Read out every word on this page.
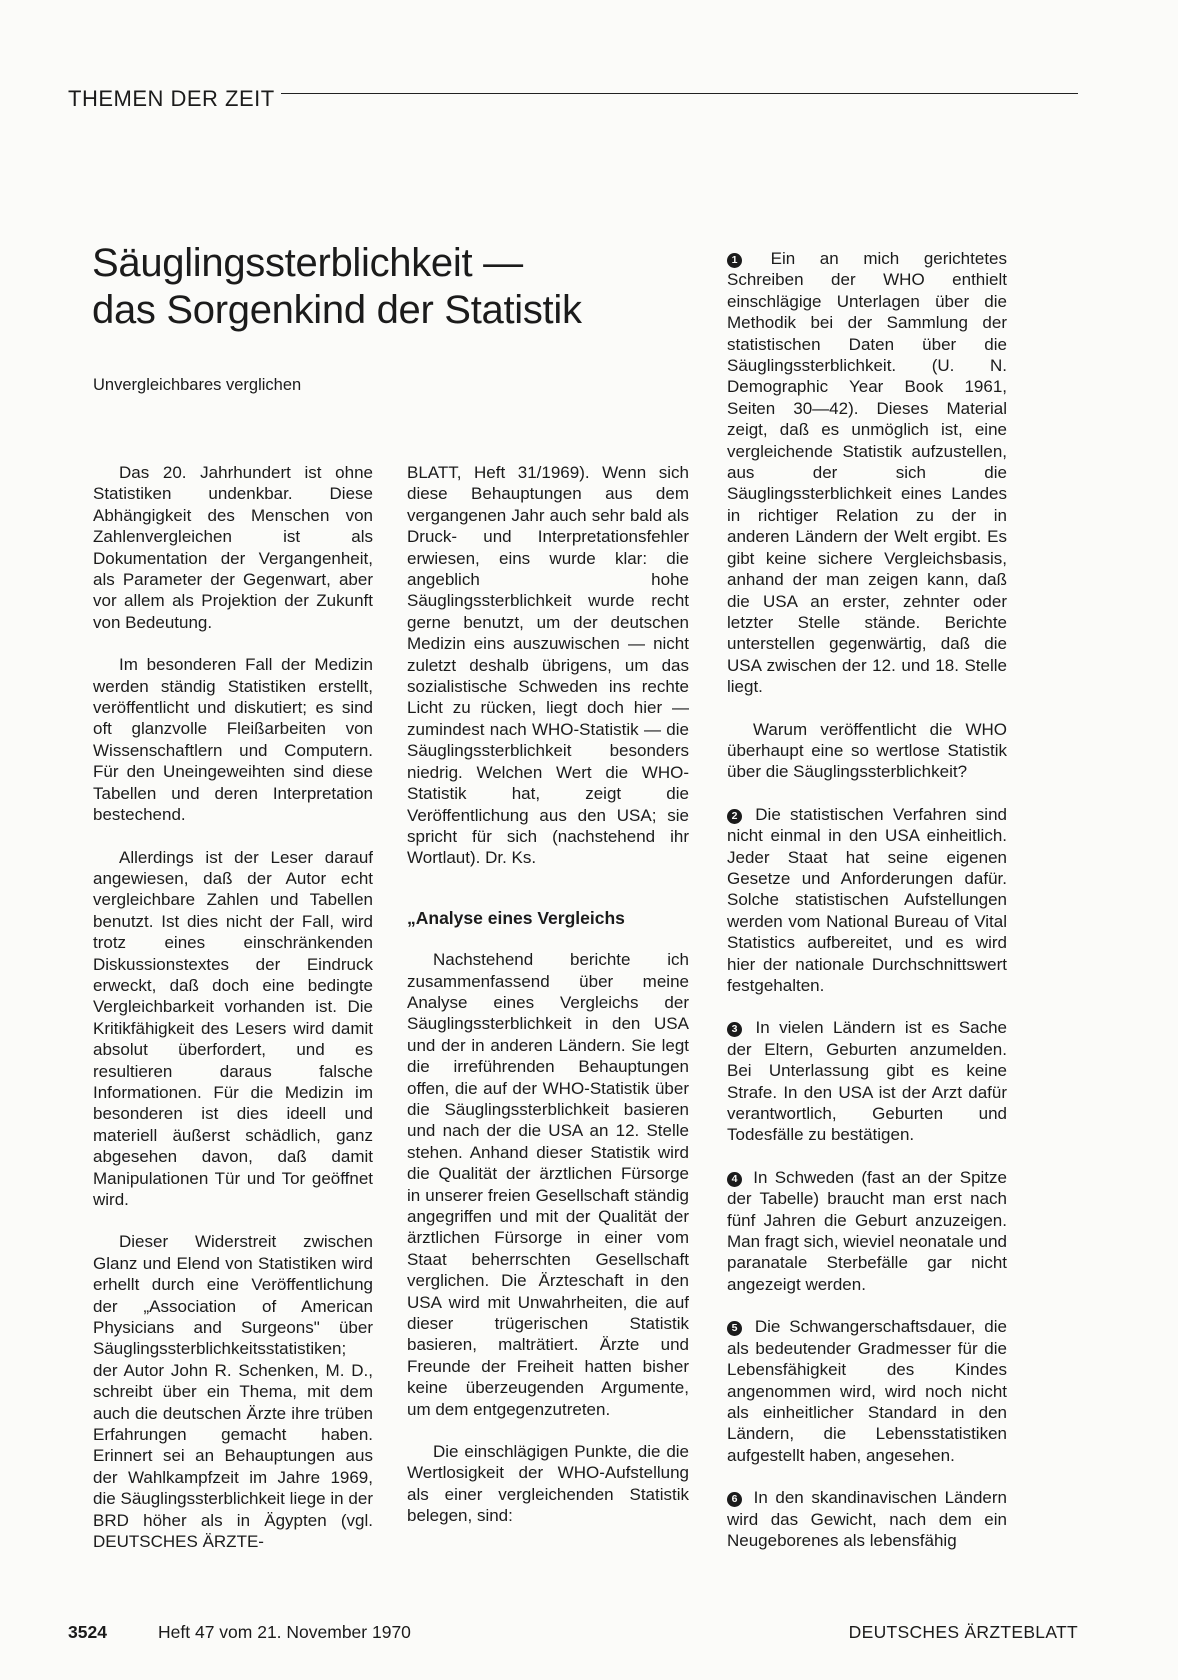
THEMEN DER ZEIT
Säuglingssterblichkeit —
das Sorgenkind der Statistik

Unvergleichbares verglichen

Das 20. Jahrhundert ist ohne Statistiken undenkbar. Diese Abhängigkeit des Menschen von Zahlenvergleichen ist als Dokumentation der Vergangenheit, als Parameter der Gegenwart, aber vor allem als Projektion der Zukunft von Bedeutung.

Im besonderen Fall der Medizin werden ständig Statistiken erstellt, veröffentlicht und diskutiert; es sind oft glanzvolle Fleißarbeiten von Wissenschaftlern und Computern. Für den Uneingeweihten sind diese Tabellen und deren Interpretation bestechend.

Allerdings ist der Leser darauf angewiesen, daß der Autor echt vergleichbare Zahlen und Tabellen benutzt. Ist dies nicht der Fall, wird trotz eines einschränkenden Diskussionstextes der Eindruck erweckt, daß doch eine bedingte Vergleichbarkeit vorhanden ist. Die Kritikfähigkeit des Lesers wird damit absolut überfordert, und es resultieren daraus falsche Informationen. Für die Medizin im besonderen ist dies ideell und materiell äußerst schädlich, ganz abgesehen davon, daß damit Manipulationen Tür und Tor geöffnet wird.

Dieser Widerstreit zwischen Glanz und Elend von Statistiken wird erhellt durch eine Veröffentlichung der „Association of American Physicians and Surgeons" über Säuglingssterblichkeitsstatistiken; der Autor John R. Schenken, M. D., schreibt über ein Thema, mit dem auch die deutschen Ärzte ihre trüben Erfahrungen gemacht haben. Erinnert sei an Behauptungen aus der Wahlkampfzeit im Jahre 1969, die Säuglingssterblichkeit liege in der BRD höher als in Ägypten (vgl. DEUTSCHES ÄRZTE-

BLATT, Heft 31/1969). Wenn sich diese Behauptungen aus dem vergangenen Jahr auch sehr bald als Druck- und Interpretationsfehler erwiesen, eins wurde klar: die angeblich hohe Säuglingssterblichkeit wurde recht gerne benutzt, um der deutschen Medizin eins auszuwischen — nicht zuletzt deshalb übrigens, um das sozialistische Schweden ins rechte Licht zu rücken, liegt doch hier — zumindest nach WHO-Statistik — die Säuglingssterblichkeit besonders niedrig. Welchen Wert die WHO-Statistik hat, zeigt die Veröffentlichung aus den USA; sie spricht für sich (nachstehend ihr Wortlaut). Dr. Ks.

„Analyse eines Vergleichs

Nachstehend berichte ich zusammenfassend über meine Analyse eines Vergleichs der Säuglingssterblichkeit in den USA und der in anderen Ländern. Sie legt die irreführenden Behauptungen offen, die auf der WHO-Statistik über die Säuglingssterblichkeit basieren und nach der die USA an 12. Stelle stehen. Anhand dieser Statistik wird die Qualität der ärztlichen Fürsorge in unserer freien Gesellschaft ständig angegriffen und mit der Qualität der ärztlichen Fürsorge in einer vom Staat beherrschten Gesellschaft verglichen. Die Ärzteschaft in den USA wird mit Unwahrheiten, die auf dieser trügerischen Statistik basieren, malträtiert. Ärzte und Freunde der Freiheit hatten bisher keine überzeugenden Argumente, um dem entgegenzutreten.

Die einschlägigen Punkte, die die Wertlosigkeit der WHO-Aufstellung als einer vergleichenden Statistik belegen, sind:

1 Ein an mich gerichtetes Schreiben der WHO enthielt einschlägige Unterlagen über die Methodik bei der Sammlung der statistischen Daten über die Säuglingssterblichkeit. (U. N. Demographic Year Book 1961, Seiten 30—42). Dieses Material zeigt, daß es unmöglich ist, eine vergleichende Statistik aufzustellen, aus der sich die Säuglingssterblichkeit eines Landes in richtiger Relation zu der in anderen Ländern der Welt ergibt. Es gibt keine sichere Vergleichsbasis, anhand der man zeigen kann, daß die USA an erster, zehnter oder letzter Stelle stände. Berichte unterstellen gegenwärtig, daß die USA zwischen der 12. und 18. Stelle liegt.

Warum veröffentlicht die WHO überhaupt eine so wertlose Statistik über die Säuglingssterblichkeit?

2 Die statistischen Verfahren sind nicht einmal in den USA einheitlich. Jeder Staat hat seine eigenen Gesetze und Anforderungen dafür. Solche statistischen Aufstellungen werden vom National Bureau of Vital Statistics aufbereitet, und es wird hier der nationale Durchschnittswert festgehalten.

3 In vielen Ländern ist es Sache der Eltern, Geburten anzumelden. Bei Unterlassung gibt es keine Strafe. In den USA ist der Arzt dafür verantwortlich, Geburten und Todesfälle zu bestätigen.

4 In Schweden (fast an der Spitze der Tabelle) braucht man erst nach fünf Jahren die Geburt anzuzeigen. Man fragt sich, wieviel neonatale und paranatale Sterbefälle gar nicht angezeigt werden.

5 Die Schwangerschaftsdauer, die als bedeutender Gradmesser für die Lebensfähigkeit des Kindes angenommen wird, wird noch nicht als einheitlicher Standard in den Ländern, die Lebensstatistiken aufgestellt haben, angesehen.

6 In den skandinavischen Ländern wird das Gewicht, nach dem ein Neugeborenes als lebensfähig

3524	Heft 47 vom 21. November 1970	DEUTSCHES ÄRZTEBLATT
